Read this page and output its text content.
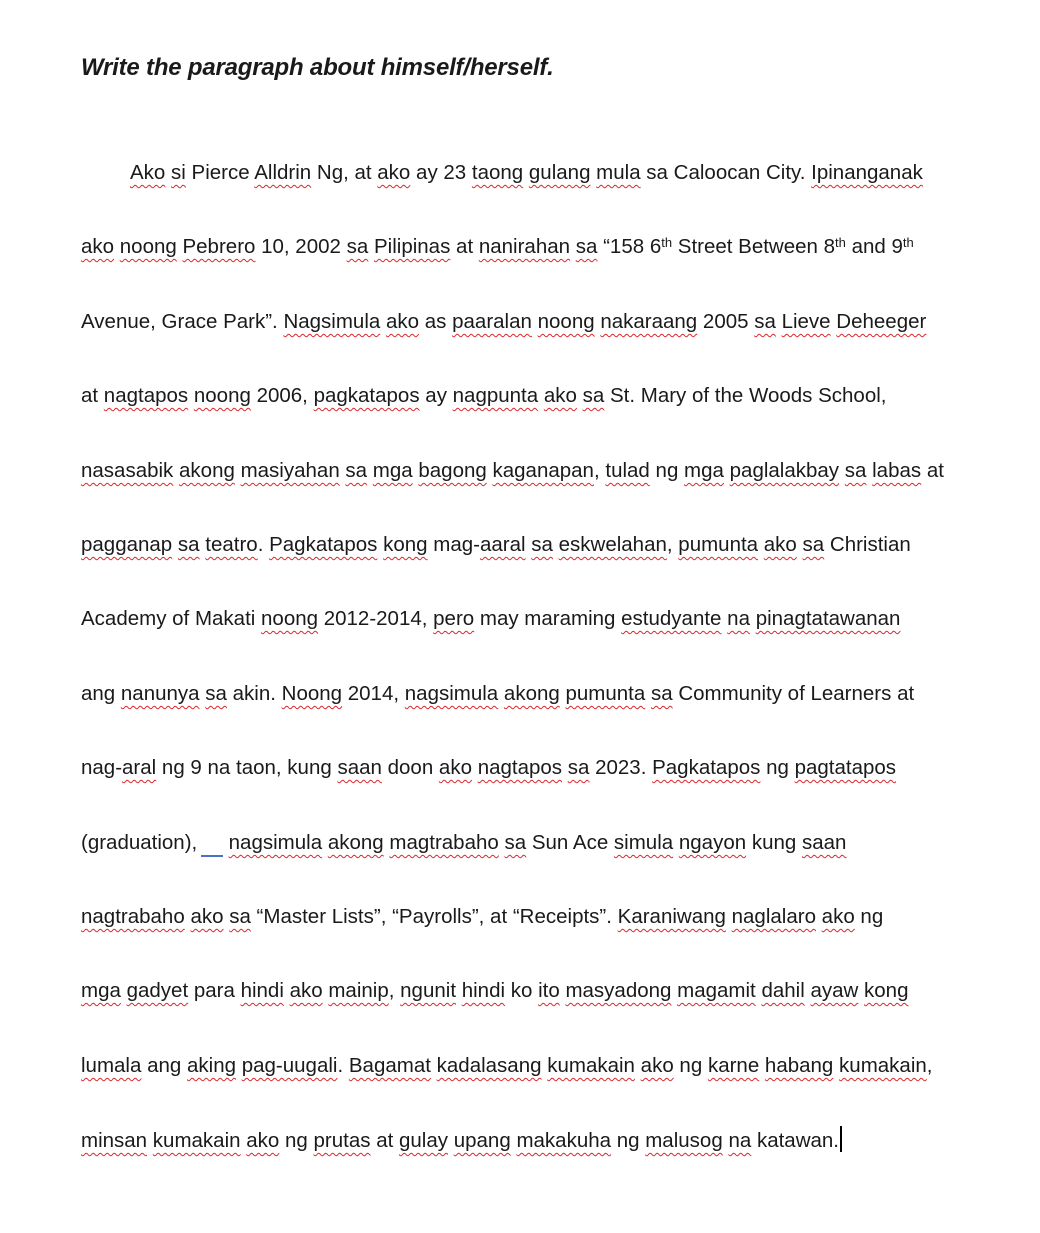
Write the paragraph about himself/herself.
Ako si Pierce Alldrin Ng, at ako ay 23 taong gulang mula sa Caloocan City. Ipinanganak
ako noong Pebrero 10, 2002 sa Pilipinas at nanirahan sa “158 6th Street Between 8th and 9th
Avenue, Grace Park”. Nagsimula ako as paaralan noong nakaraang 2005 sa Lieve Deheeger
at nagtapos noong 2006, pagkatapos ay nagpunta ako sa St. Mary of the Woods School,
nasasabik akong masiyahan sa mga bagong kaganapan, tulad ng mga paglalakbay sa labas at
pagganap sa teatro. Pagkatapos kong mag-aaral sa eskwelahan, pumunta ako sa Christian
Academy of Makati noong 2012-2014, pero may maraming estudyante na pinagtatawanan
ang nanunya sa akin. Noong 2014, nagsimula akong pumunta sa Community of Learners at
nag-aral ng 9 na taon, kung saan doon ako nagtapos sa 2023. Pagkatapos ng pagtatapos
(graduation),  nagsimula akong magtrabaho sa Sun Ace simula ngayon kung saan
nagtrabaho ako sa “Master Lists”, “Payrolls”, at “Receipts”. Karaniwang naglalaro ako ng
mga gadyet para hindi ako mainip, ngunit hindi ko ito masyadong magamit dahil ayaw kong
lumala ang aking pag-uugali. Bagamat kadalasang kumakain ako ng karne habang kumakain,
minsan kumakain ako ng prutas at gulay upang makakuha ng malusog na katawan.
